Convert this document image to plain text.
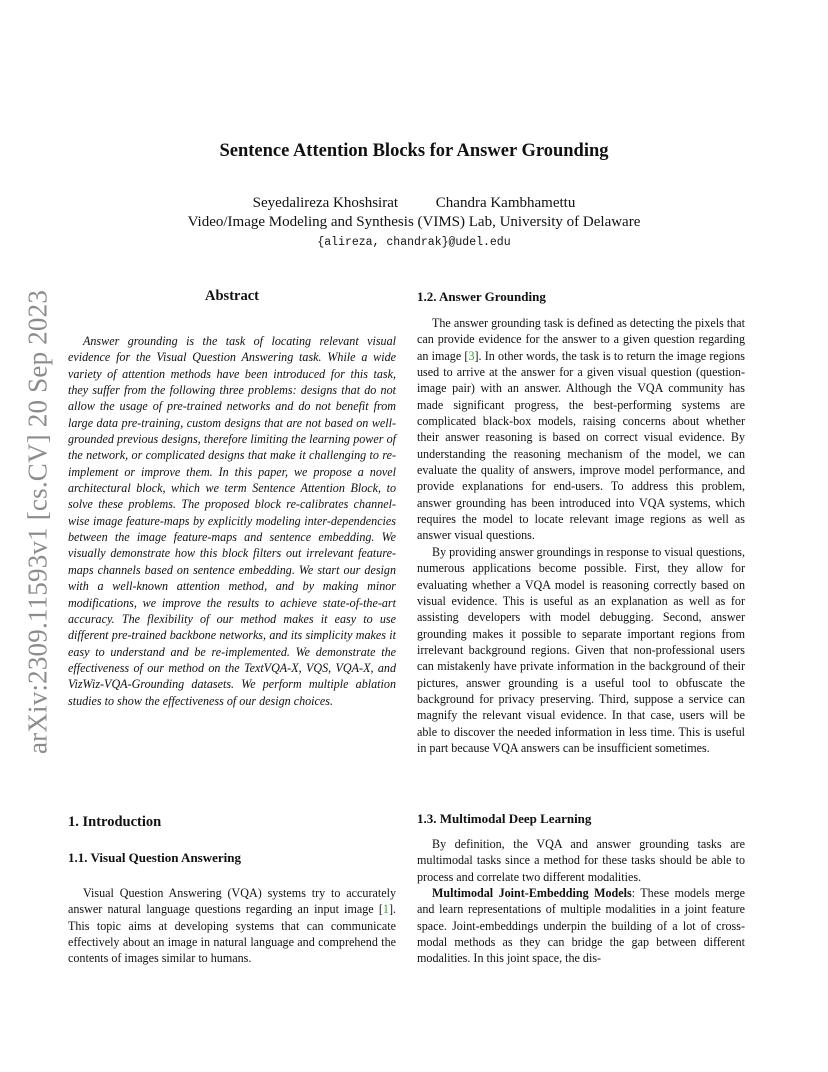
arXiv:2309.11593v1 [cs.CV] 20 Sep 2023
Sentence Attention Blocks for Answer Grounding
Seyedalireza Khoshsirat	Chandra Kambhamettu
Video/Image Modeling and Synthesis (VIMS) Lab, University of Delaware
{alireza, chandrak}@udel.edu
Abstract

Answer grounding is the task of locating relevant visual evidence for the Visual Question Answering task. While a wide variety of attention methods have been introduced for this task, they suffer from the following three problems: designs that do not allow the usage of pre-trained networks and do not benefit from large data pre-training, custom designs that are not based on well-grounded previous designs, therefore limiting the learning power of the network, or complicated designs that make it challenging to re-implement or improve them. In this paper, we propose a novel architectural block, which we term Sentence Attention Block, to solve these problems. The proposed block re-calibrates channel-wise image feature-maps by explicitly modeling inter-dependencies between the image feature-maps and sentence embedding. We visually demonstrate how this block filters out irrelevant feature-maps channels based on sentence embedding. We start our design with a well-known attention method, and by making minor modifications, we improve the results to achieve state-of-the-art accuracy. The flexibility of our method makes it easy to use different pre-trained backbone networks, and its simplicity makes it easy to understand and be re-implemented. We demonstrate the effectiveness of our method on the TextVQA-X, VQS, VQA-X, and VizWiz-VQA-Grounding datasets. We perform multiple ablation studies to show the effectiveness of our design choices.

1. Introduction
1.1. Visual Question Answering

Visual Question Answering (VQA) systems try to accurately answer natural language questions regarding an input image [1]. This topic aims at developing systems that can communicate effectively about an image in natural language and comprehend the contents of images similar to humans.

1.2. Answer Grounding

The answer grounding task is defined as detecting the pixels that can provide evidence for the answer to a given question regarding an image [3]. In other words, the task is to return the image regions used to arrive at the answer for a given visual question (question-image pair) with an answer. Although the VQA community has made significant progress, the best-performing systems are complicated black-box models, raising concerns about whether their answer reasoning is based on correct visual evidence. By understanding the reasoning mechanism of the model, we can evaluate the quality of answers, improve model performance, and provide explanations for end-users. To address this problem, answer grounding has been introduced into VQA systems, which requires the model to locate relevant image regions as well as answer visual questions.

By providing answer groundings in response to visual questions, numerous applications become possible. First, they allow for evaluating whether a VQA model is reasoning correctly based on visual evidence. This is useful as an explanation as well as for assisting developers with model debugging. Second, answer grounding makes it possible to separate important regions from irrelevant background regions. Given that non-professional users can mistakenly have private information in the background of their pictures, answer grounding is a useful tool to obfuscate the background for privacy preserving. Third, suppose a service can magnify the relevant visual evidence. In that case, users will be able to discover the needed information in less time. This is useful in part because VQA answers can be insufficient sometimes.

1.3. Multimodal Deep Learning

By definition, the VQA and answer grounding tasks are multimodal tasks since a method for these tasks should be able to process and correlate two different modalities.

Multimodal Joint-Embedding Models: These models merge and learn representations of multiple modalities in a joint feature space. Joint-embeddings underpin the building of a lot of cross-modal methods as they can bridge the gap between different modalities. In this joint space, the dis-
